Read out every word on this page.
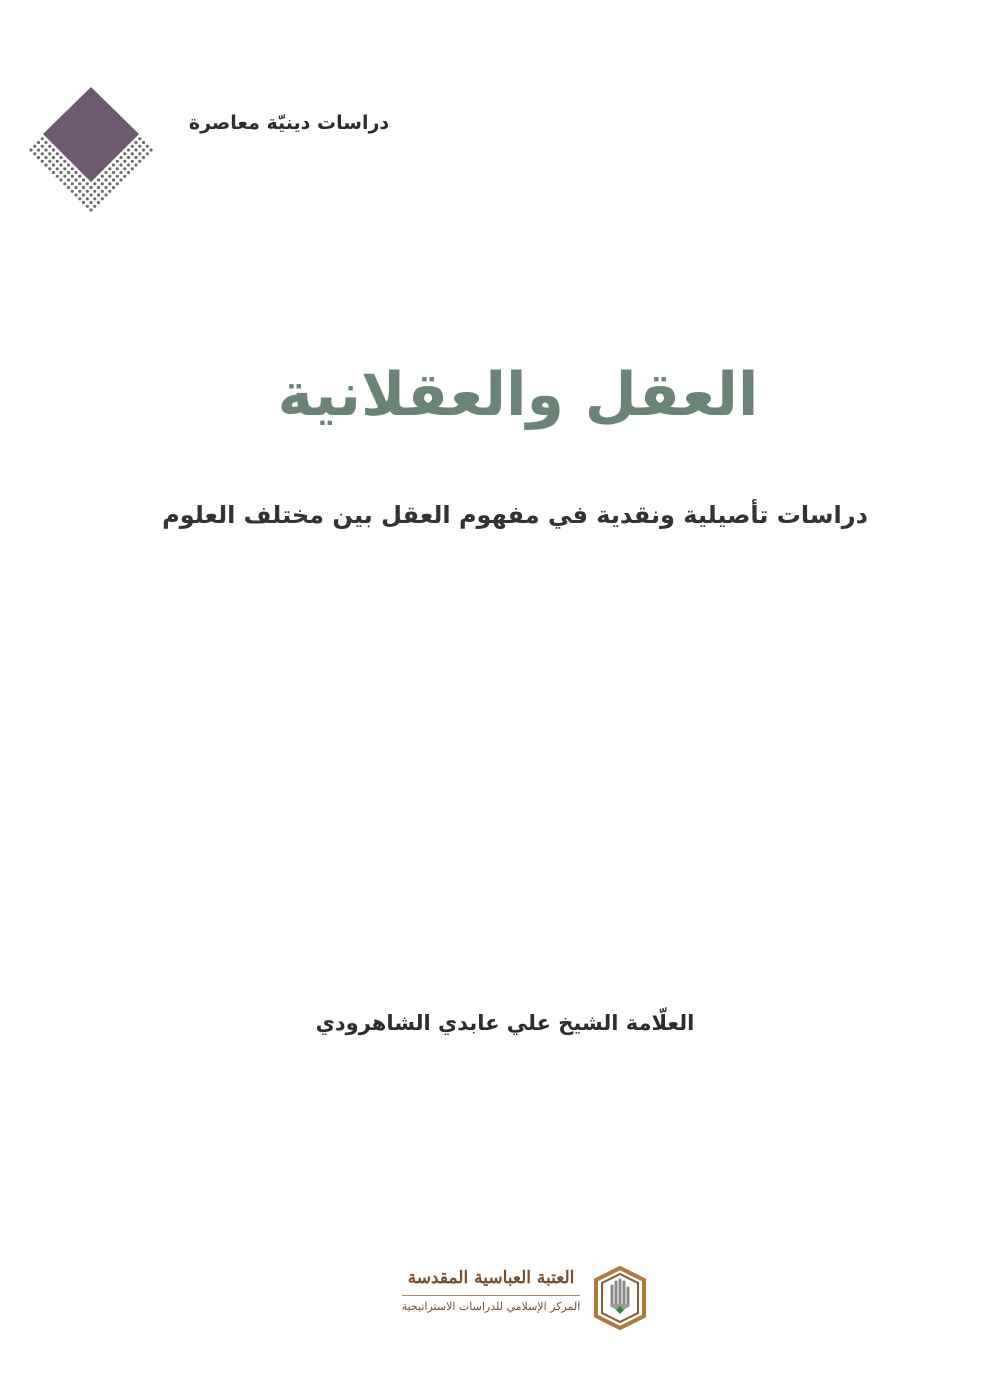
5
دراسات دينيّة معاصرة
العقل والعقلانية
دراسات تأصيلية ونقدية في مفهوم العقل بين مختلف العلوم
العلّامة الشيخ علي عابدي الشاهرودي
العتبة العباسية المقدسة
المركز الإسلامي للدراسات الاستراتيجية
